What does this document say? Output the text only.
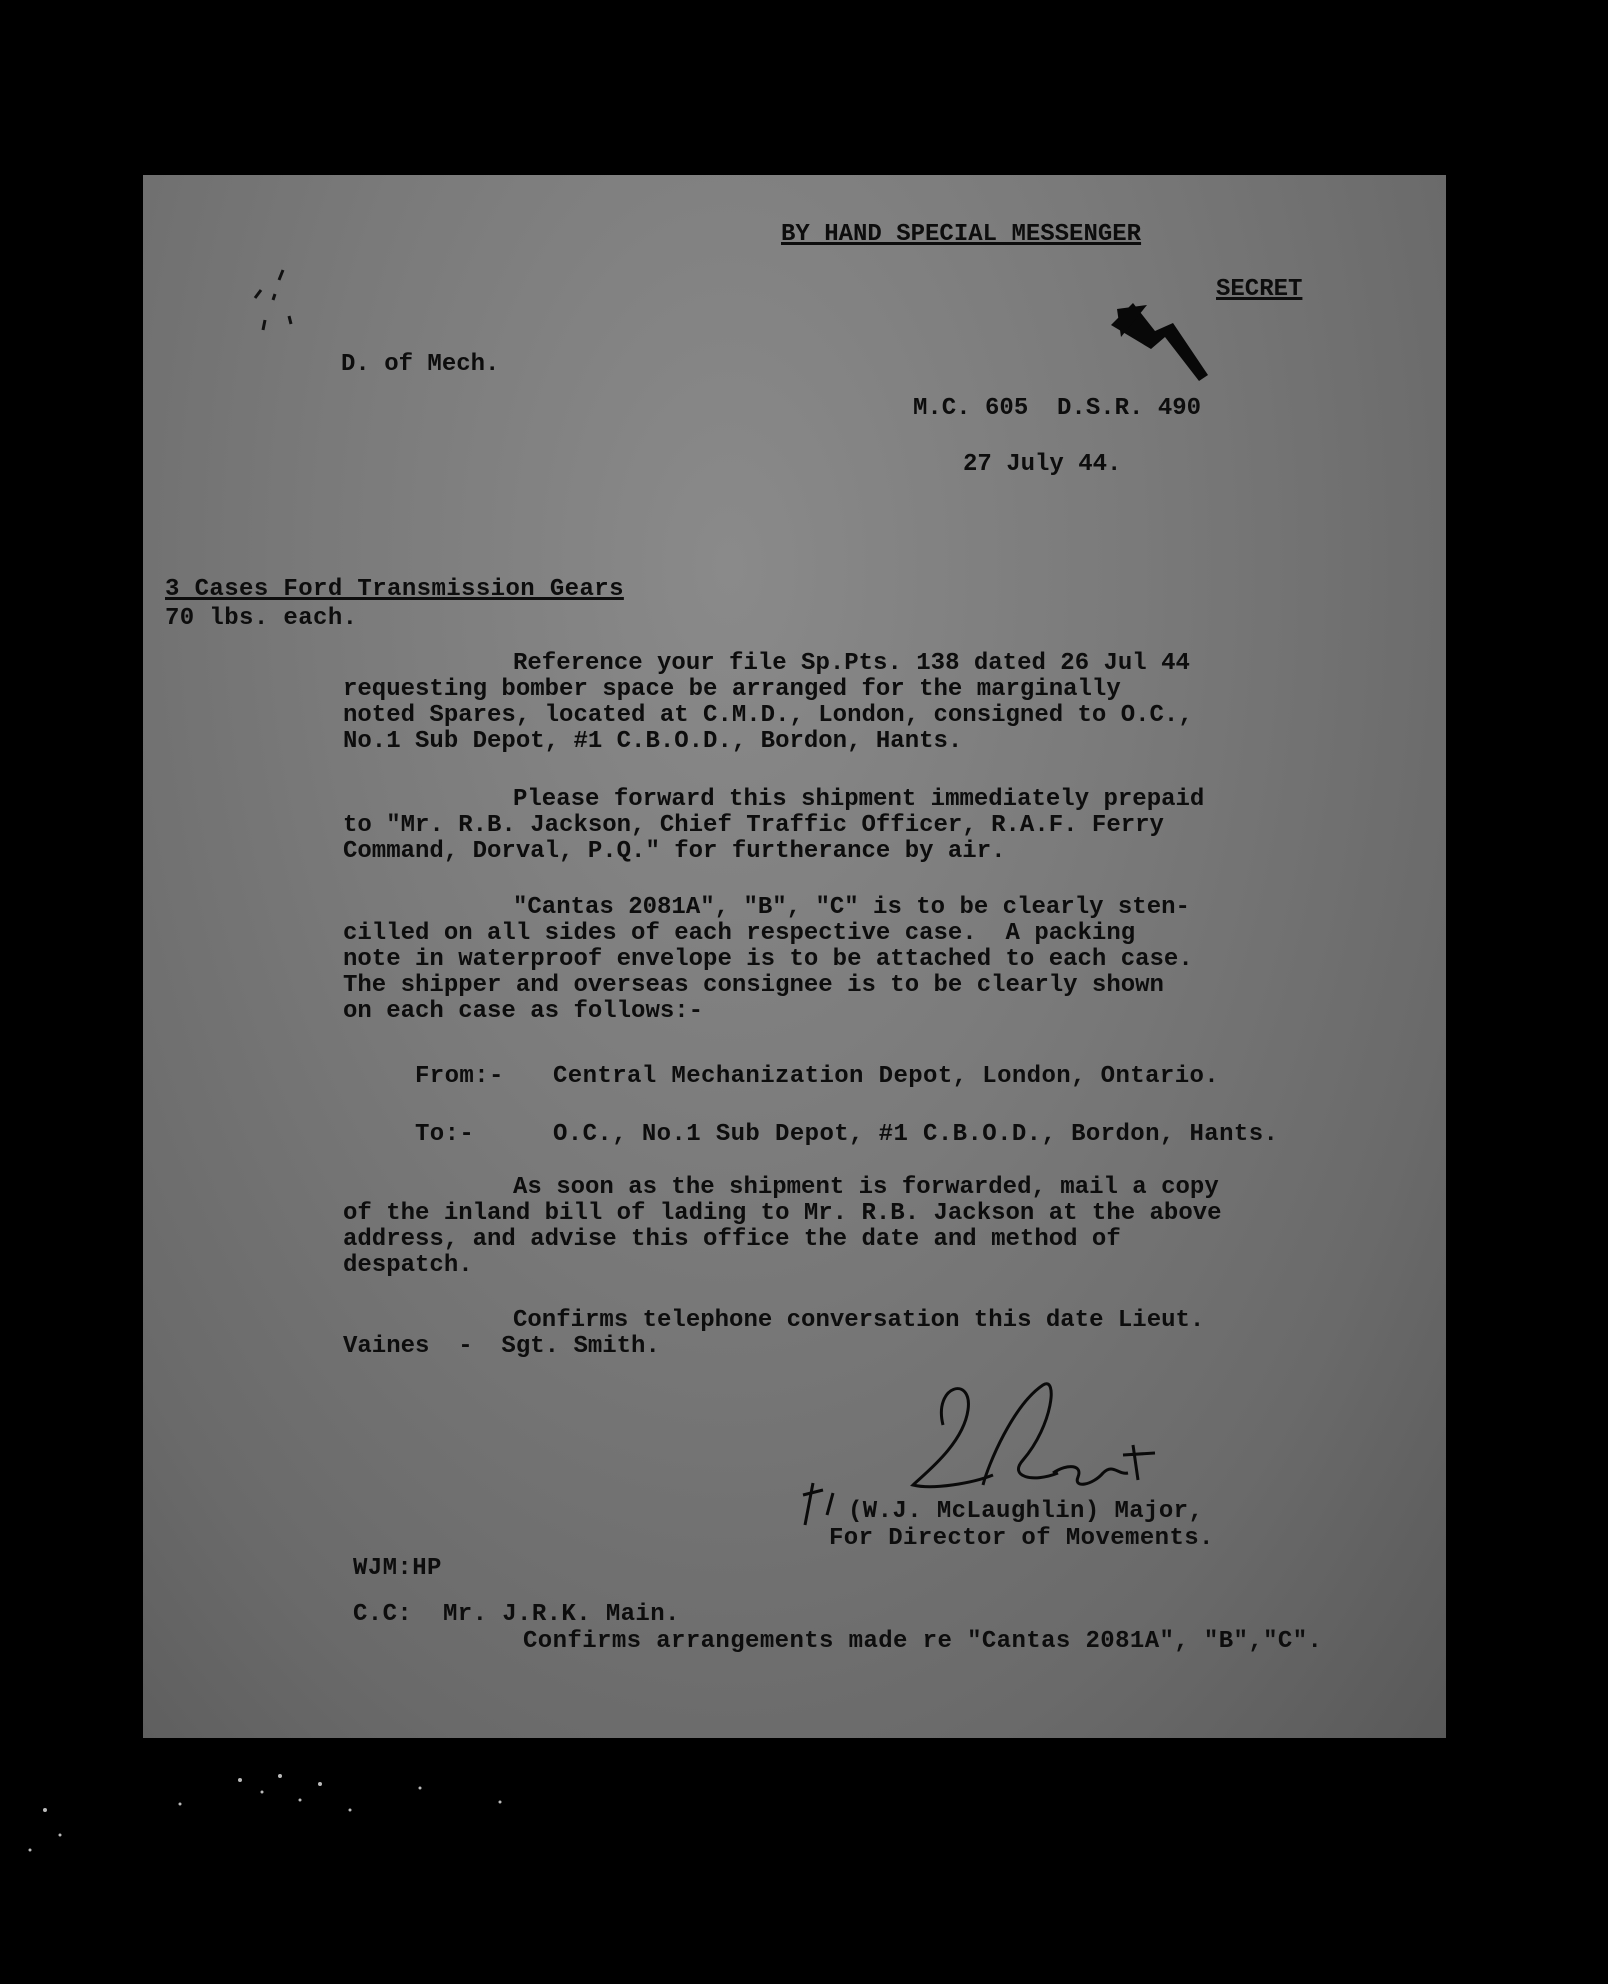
BY HAND SPECIAL MESSENGER
SECRET
D. of Mech.
M.C. 605  D.S.R. 490
27 July 44.
3 Cases Ford Transmission Gears
70 lbs. each.
Reference your file Sp.Pts. 138 dated 26 Jul 44
requesting bomber space be arranged for the marginally
noted Spares, located at C.M.D., London, consigned to O.C.,
No.1 Sub Depot, #1 C.B.O.D., Bordon, Hants.
Please forward this shipment immediately prepaid
to "Mr. R.B. Jackson, Chief Traffic Officer, R.A.F. Ferry
Command, Dorval, P.Q." for furtherance by air.
"Cantas 2081A", "B", "C" is to be clearly sten-
cilled on all sides of each respective case.  A packing
note in waterproof envelope is to be attached to each case.
The shipper and overseas consignee is to be clearly shown
on each case as follows:-
From:- Central Mechanization Depot, London, Ontario.
To:-	O.C., No.1 Sub Depot, #1 C.B.O.D., Bordon, Hants.
As soon as the shipment is forwarded, mail a copy
of the inland bill of lading to Mr. R.B. Jackson at the above
address, and advise this office the date and method of
despatch.
Confirms telephone conversation this date Lieut.
Vaines  -  Sgt. Smith.
(W.J. McLaughlin) Major,
For Director of Movements.
WJM:HP
C.C: Mr. J.R.K. Main.
Confirms arrangements made re "Cantas 2081A", "B","C".
